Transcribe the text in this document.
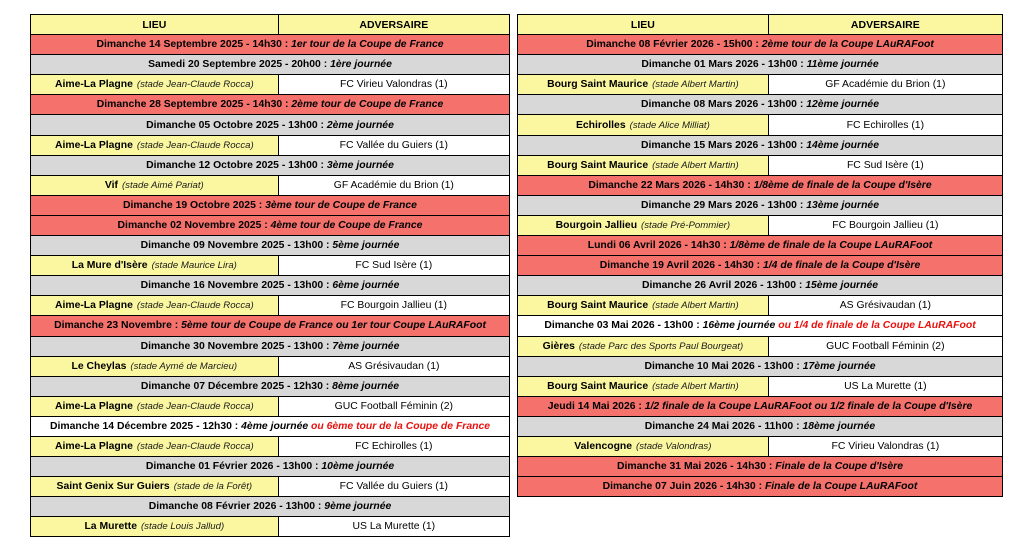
LIEU	ADVERSAIRE
Dimanche 14 Septembre 2025 - 14h30 : 1er tour de la Coupe de France
Samedi 20 Septembre 2025 - 20h00 : 1ère journée
Aime-La Plagne (stade Jean-Claude Rocca)	FC Virieu Valondras (1)
Dimanche 28 Septembre 2025 - 14h30 : 2ème tour de Coupe de France
Dimanche 05 Octobre 2025 - 13h00 : 2ème journée
Aime-La Plagne (stade Jean-Claude Rocca)	FC Vallée du Guiers (1)
Dimanche 12 Octobre 2025 - 13h00 : 3ème journée
Vif (stade Aimé Pariat)	GF Académie du Brion (1)
Dimanche 19 Octobre 2025 : 3ème tour de Coupe de France
Dimanche 02 Novembre 2025 : 4ème tour de Coupe de France
Dimanche 09 Novembre 2025 - 13h00 : 5ème journée
La Mure d'Isère (stade Maurice Lira)	FC Sud Isère (1)
Dimanche 16 Novembre 2025 - 13h00 : 6ème journée
Aime-La Plagne (stade Jean-Claude Rocca)	FC Bourgoin Jallieu (1)
Dimanche 23 Novembre : 5ème tour de Coupe de France ou 1er tour Coupe LAuRAFoot
Dimanche 30 Novembre 2025 - 13h00 : 7ème journée
Le Cheylas (stade Aymé de Marcieu)	AS Grésivaudan (1)
Dimanche 07 Décembre 2025 - 12h30 : 8ème journée
Aime-La Plagne (stade Jean-Claude Rocca)	GUC Football Féminin (2)
Dimanche 14 Décembre 2025 - 12h30 : 4ème journée ou 6ème tour de la Coupe de France
Aime-La Plagne (stade Jean-Claude Rocca)	FC Echirolles (1)
Dimanche 01 Février 2026 - 13h00 : 10ème journée
Saint Genix Sur Guiers (stade de la Forêt)	FC Vallée du Guiers (1)
Dimanche 08 Février 2026 - 13h00 : 9ème journée
La Murette (stade Louis Jallud)	US La Murette (1)
LIEU	ADVERSAIRE
Dimanche 08 Février 2026 - 15h00 : 2ème tour de la Coupe LAuRAFoot
Dimanche 01 Mars 2026 - 13h00 : 11ème journée
Bourg Saint Maurice (stade Albert Martin)	GF Académie du Brion (1)
Dimanche 08 Mars 2026 - 13h00 : 12ème journée
Echirolles (stade Alice Milliat)	FC Echirolles (1)
Dimanche 15 Mars 2026 - 13h00 : 14ème journée
Bourg Saint Maurice (stade Albert Martin)	FC Sud Isère (1)
Dimanche 22 Mars 2026 - 14h30 : 1/8ème de finale de la Coupe d'Isère
Dimanche 29 Mars 2026 - 13h00 : 13ème journée
Bourgoin Jallieu (stade Pré-Pommier)	FC Bourgoin Jallieu (1)
Lundi 06 Avril 2026 - 14h30 : 1/8ème de finale de la Coupe LAuRAFoot
Dimanche 19 Avril 2026 - 14h30 : 1/4 de finale de la Coupe d'Isère
Dimanche 26 Avril 2026 - 13h00 : 15ème journée
Bourg Saint Maurice (stade Albert Martin)	AS Grésivaudan (1)
Dimanche 03 Mai 2026 - 13h00 : 16ème journée ou 1/4 de finale de la Coupe LAuRAFoot
Gières (stade Parc des Sports Paul Bourgeat)	GUC Football Féminin (2)
Dimanche 10 Mai 2026 - 13h00 : 17ème journée
Bourg Saint Maurice (stade Albert Martin)	US La Murette (1)
Jeudi 14 Mai 2026 : 1/2 finale de la Coupe LAuRAFoot ou 1/2 finale de la Coupe d'Isère
Dimanche 24 Mai 2026 - 11h00 : 18ème journée
Valencogne (stade Valondras)	FC Virieu Valondras (1)
Dimanche 31 Mai 2026 - 14h30 : Finale de la Coupe d'Isère
Dimanche 07 Juin 2026 - 14h30 : Finale de la Coupe LAuRAFoot
